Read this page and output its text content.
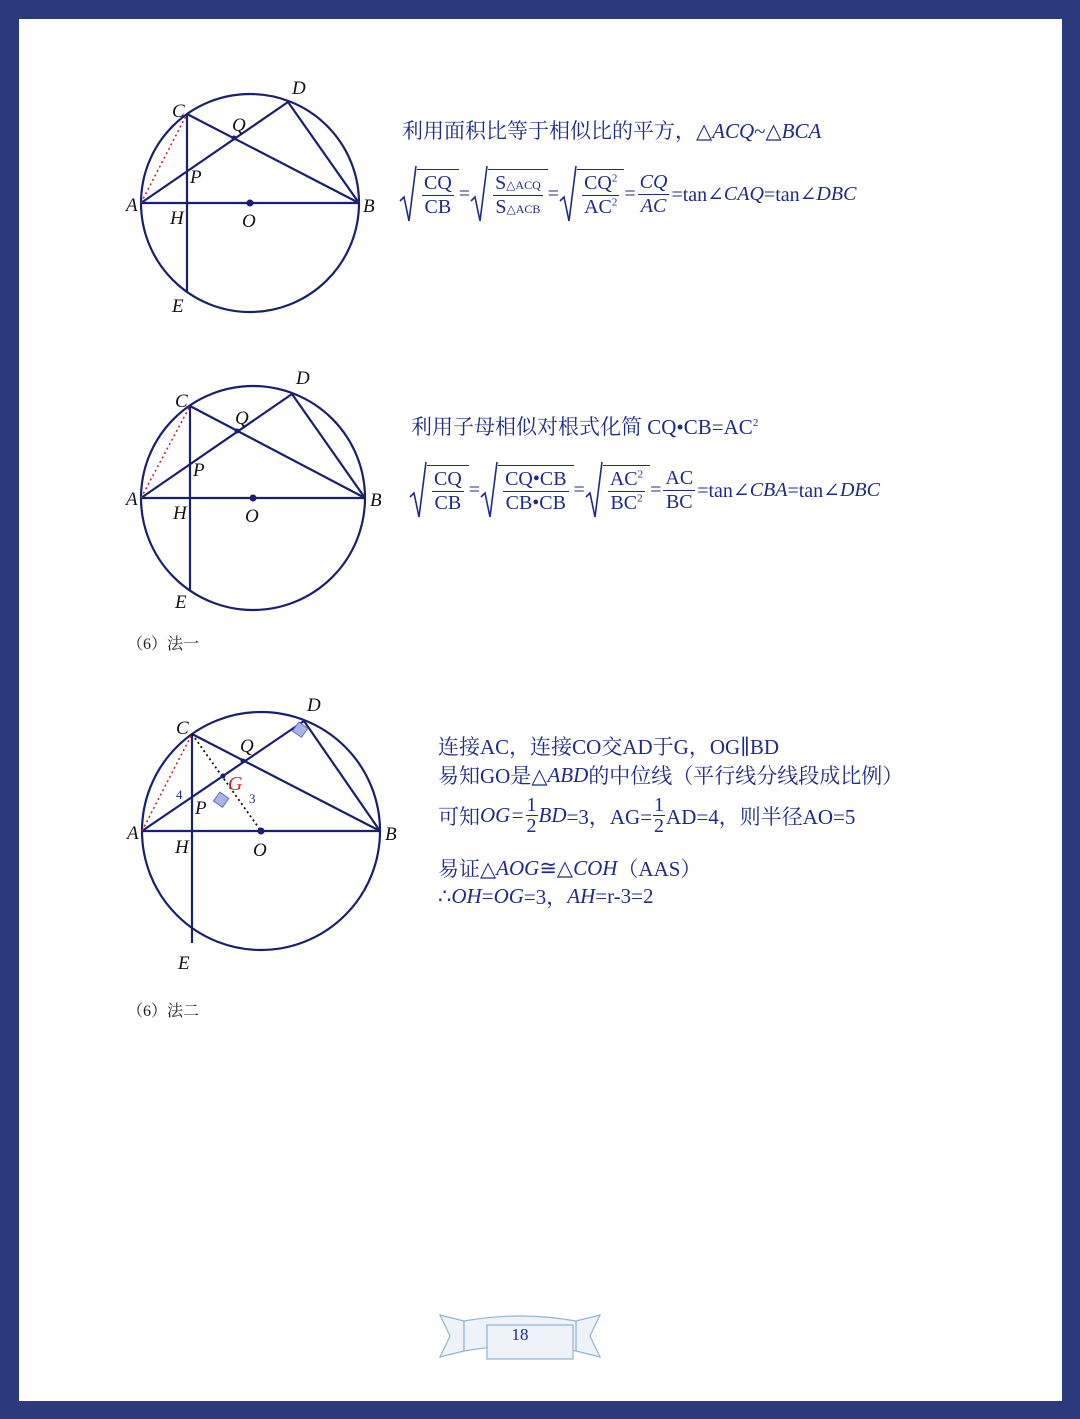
C
D
Q
P
A	B
H	O
E
利用面积比等于相似比的平方，△ACQ~△BCA
$\frac{CQ}{CB} = \frac{\text{S△ACQ}}{\text{S△ACB}} = \frac{CQ^2}{AC^2} = \frac{CQ}{AC}$ =tan∠ CAQ =tan∠ DBC
C
D
Q
P
A	B
H	O
E
利用子母相似对根式化简 $CQ•CB=AC^2$
$\frac{CQ}{CB} = \frac{CQ•CB}{CB•CB} = \frac{AC^2}{BC^2} = \frac{AC}{BC}$ =tan∠ CBA =tan∠ DBC
（6）法一
C
D
Q
G
P
4	3
A	B
H	O
E
连接AC，连接CO交AD于G，OG∥BD
易知GO是△ ABD 的中位线（平行线分线段成比例）
可知 $OG= \frac{1}{2}$ BD =3，$AG= \frac{1}{2} AD=4$，则半径AO=5
易证△ AOG ≅△ COH （AAS）
∴ OH = OG =3， AH =r-3=2
（6）法二
18
